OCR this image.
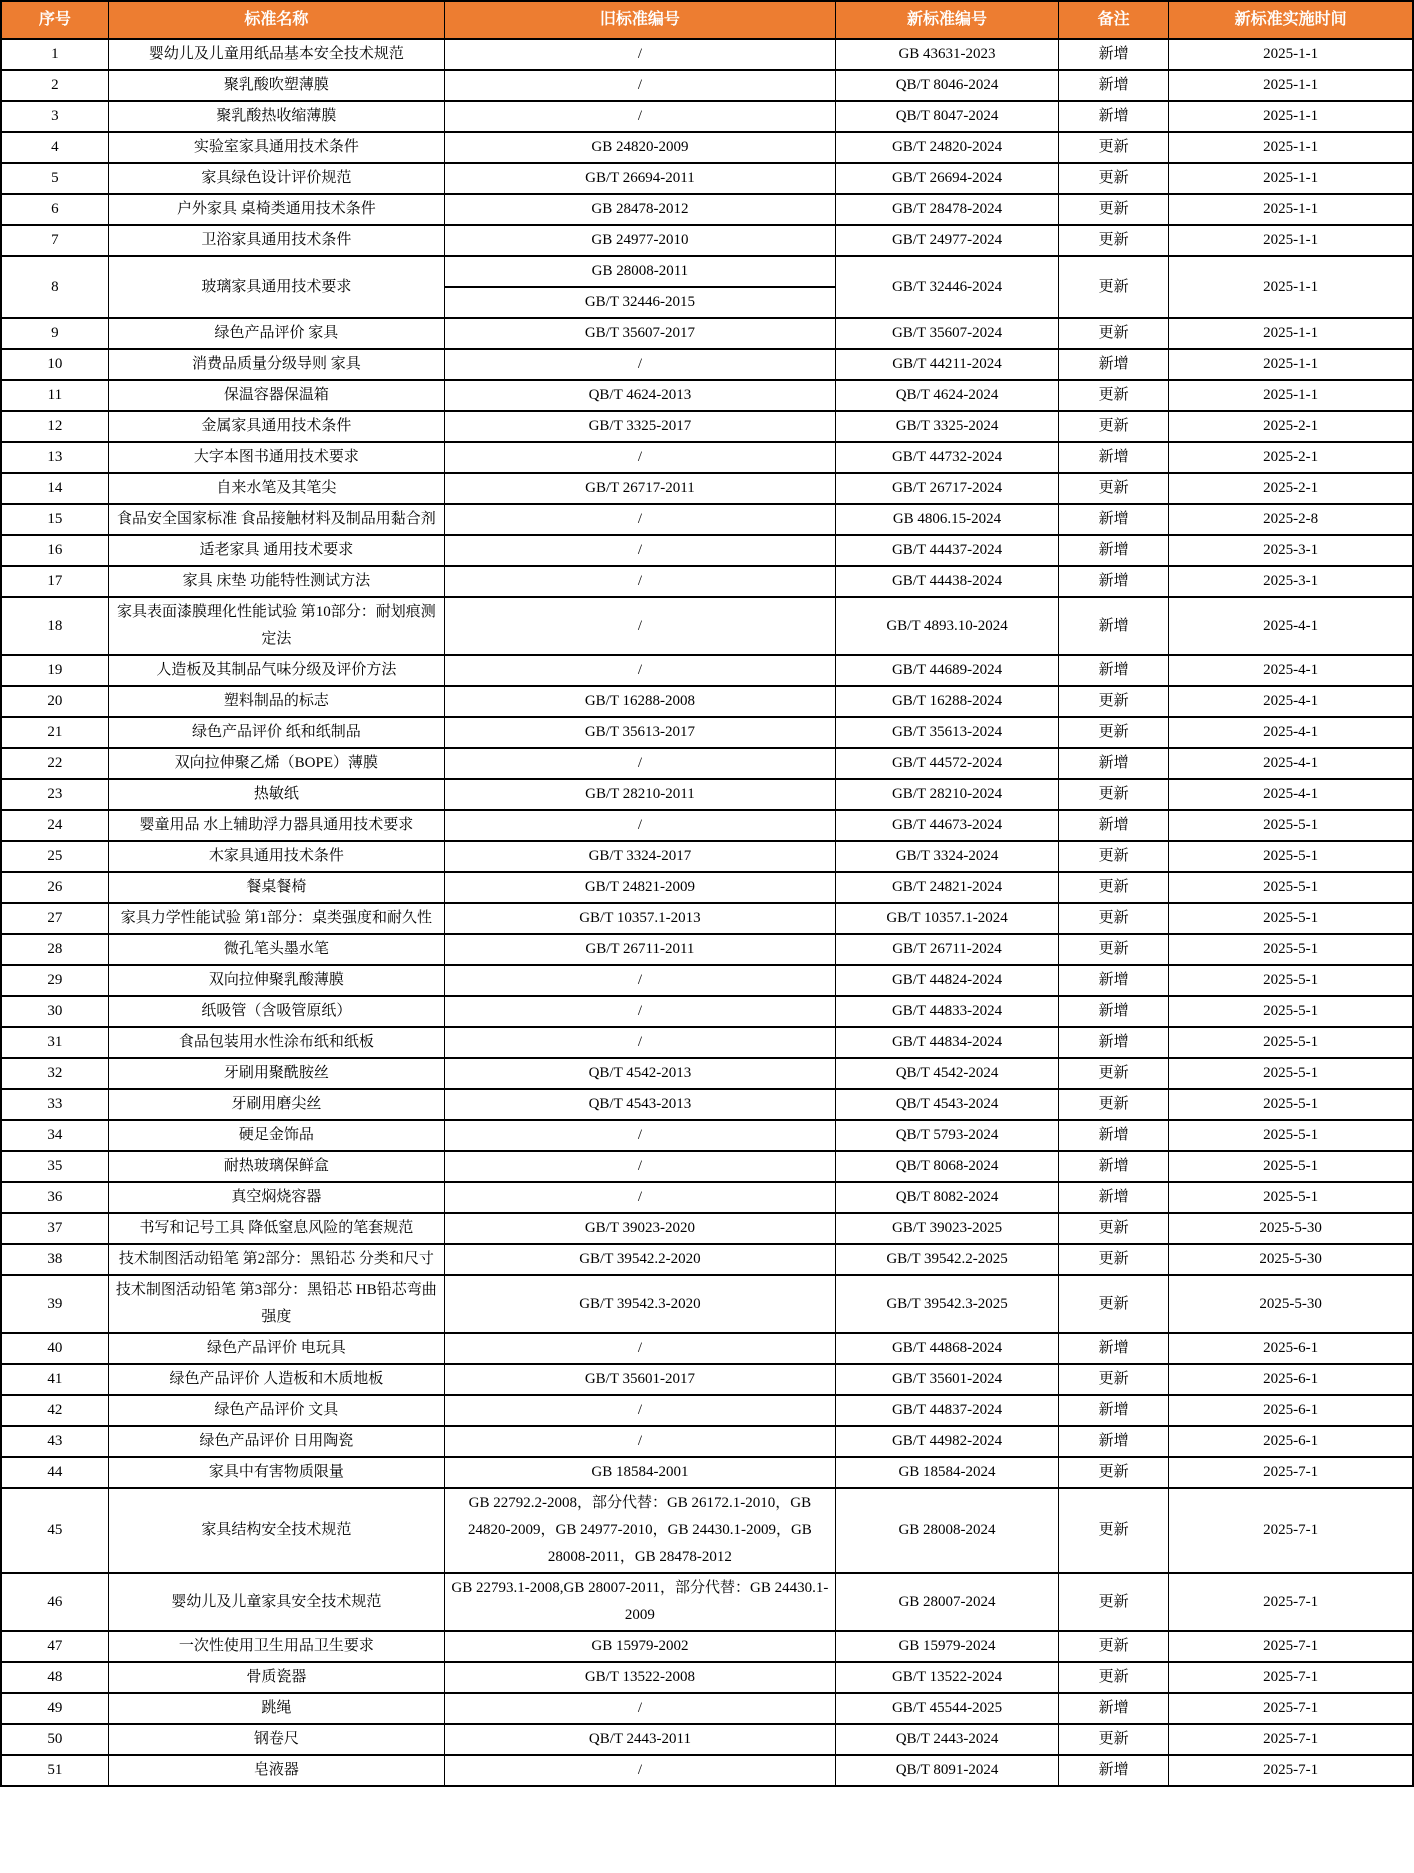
序号	标准名称	旧标准编号	新标准编号	备注	新标准实施时间
1	婴幼儿及儿童用纸品基本安全技术规范	/	GB 43631-2023	新增	2025-1-1
2	聚乳酸吹塑薄膜	/	QB/T 8046-2024	新增	2025-1-1
3	聚乳酸热收缩薄膜	/	QB/T 8047-2024	新增	2025-1-1
4	实验室家具通用技术条件	GB 24820-2009	GB/T 24820-2024	更新	2025-1-1
5	家具绿色设计评价规范	GB/T 26694-2011	GB/T 26694-2024	更新	2025-1-1
6	户外家具 桌椅类通用技术条件	GB 28478-2012	GB/T 28478-2024	更新	2025-1-1
7	卫浴家具通用技术条件	GB 24977-2010	GB/T 24977-2024	更新	2025-1-1
8	玻璃家具通用技术要求	GB 28008-2011	GB/T 32446-2024	更新	2025-1-1
		GB/T 32446-2015			
9	绿色产品评价 家具	GB/T 35607-2017	GB/T 35607-2024	更新	2025-1-1
10	消费品质量分级导则 家具	/	GB/T 44211-2024	新增	2025-1-1
11	保温容器保温箱	QB/T 4624-2013	QB/T 4624-2024	更新	2025-1-1
12	金属家具通用技术条件	GB/T 3325-2017	GB/T 3325-2024	更新	2025-2-1
13	大字本图书通用技术要求	/	GB/T 44732-2024	新增	2025-2-1
14	自来水笔及其笔尖	GB/T 26717-2011	GB/T 26717-2024	更新	2025-2-1
15	食品安全国家标准 食品接触材料及制品用黏合剂	/	GB 4806.15-2024	新增	2025-2-8
16	适老家具 通用技术要求	/	GB/T 44437-2024	新增	2025-3-1
17	家具 床垫 功能特性测试方法	/	GB/T 44438-2024	新增	2025-3-1
18	家具表面漆膜理化性能试验 第10部分：耐划痕测定法	/	GB/T 4893.10-2024	新增	2025-4-1
19	人造板及其制品气味分级及评价方法	/	GB/T 44689-2024	新增	2025-4-1
20	塑料制品的标志	GB/T 16288-2008	GB/T 16288-2024	更新	2025-4-1
21	绿色产品评价 纸和纸制品	GB/T 35613-2017	GB/T 35613-2024	更新	2025-4-1
22	双向拉伸聚乙烯（BOPE）薄膜	/	GB/T 44572-2024	新增	2025-4-1
23	热敏纸	GB/T 28210-2011	GB/T 28210-2024	更新	2025-4-1
24	婴童用品 水上辅助浮力器具通用技术要求	/	GB/T 44673-2024	新增	2025-5-1
25	木家具通用技术条件	GB/T 3324-2017	GB/T 3324-2024	更新	2025-5-1
26	餐桌餐椅	GB/T 24821-2009	GB/T 24821-2024	更新	2025-5-1
27	家具力学性能试验 第1部分：桌类强度和耐久性	GB/T 10357.1-2013	GB/T 10357.1-2024	更新	2025-5-1
28	微孔笔头墨水笔	GB/T 26711-2011	GB/T 26711-2024	更新	2025-5-1
29	双向拉伸聚乳酸薄膜	/	GB/T 44824-2024	新增	2025-5-1
30	纸吸管（含吸管原纸）	/	GB/T 44833-2024	新增	2025-5-1
31	食品包装用水性涂布纸和纸板	/	GB/T 44834-2024	新增	2025-5-1
32	牙刷用聚酰胺丝	QB/T 4542-2013	QB/T 4542-2024	更新	2025-5-1
33	牙刷用磨尖丝	QB/T 4543-2013	QB/T 4543-2024	更新	2025-5-1
34	硬足金饰品	/	QB/T 5793-2024	新增	2025-5-1
35	耐热玻璃保鲜盒	/	QB/T 8068-2024	新增	2025-5-1
36	真空焖烧容器	/	QB/T 8082-2024	新增	2025-5-1
37	书写和记号工具 降低窒息风险的笔套规范	GB/T 39023-2020	GB/T 39023-2025	更新	2025-5-30
38	技术制图活动铅笔 第2部分：黑铅芯 分类和尺寸	GB/T 39542.2-2020	GB/T 39542.2-2025	更新	2025-5-30
39	技术制图活动铅笔 第3部分：黑铅芯 HB铅芯弯曲强度	GB/T 39542.3-2020	GB/T 39542.3-2025	更新	2025-5-30
40	绿色产品评价 电玩具	/	GB/T 44868-2024	新增	2025-6-1
41	绿色产品评价 人造板和木质地板	GB/T 35601-2017	GB/T 35601-2024	更新	2025-6-1
42	绿色产品评价 文具	/	GB/T 44837-2024	新增	2025-6-1
43	绿色产品评价 日用陶瓷	/	GB/T 44982-2024	新增	2025-6-1
44	家具中有害物质限量	GB 18584-2001	GB 18584-2024	更新	2025-7-1
45	家具结构安全技术规范	GB 22792.2-2008，部分代替：GB 26172.1-2010，GB 24820-2009，GB 24977-2010，GB 24430.1-2009，GB 28008-2011，GB 28478-2012	GB 28008-2024	更新	2025-7-1
46	婴幼儿及儿童家具安全技术规范	GB 22793.1-2008,GB 28007-2011，部分代替：GB 24430.1-2009	GB 28007-2024	更新	2025-7-1
47	一次性使用卫生用品卫生要求	GB 15979-2002	GB 15979-2024	更新	2025-7-1
48	骨质瓷器	GB/T 13522-2008	GB/T 13522-2024	更新	2025-7-1
49	跳绳	/	GB/T 45544-2025	新增	2025-7-1
50	钢卷尺	QB/T 2443-2011	QB/T 2443-2024	更新	2025-7-1
51	皂液器	/	QB/T 8091-2024	新增	2025-7-1
